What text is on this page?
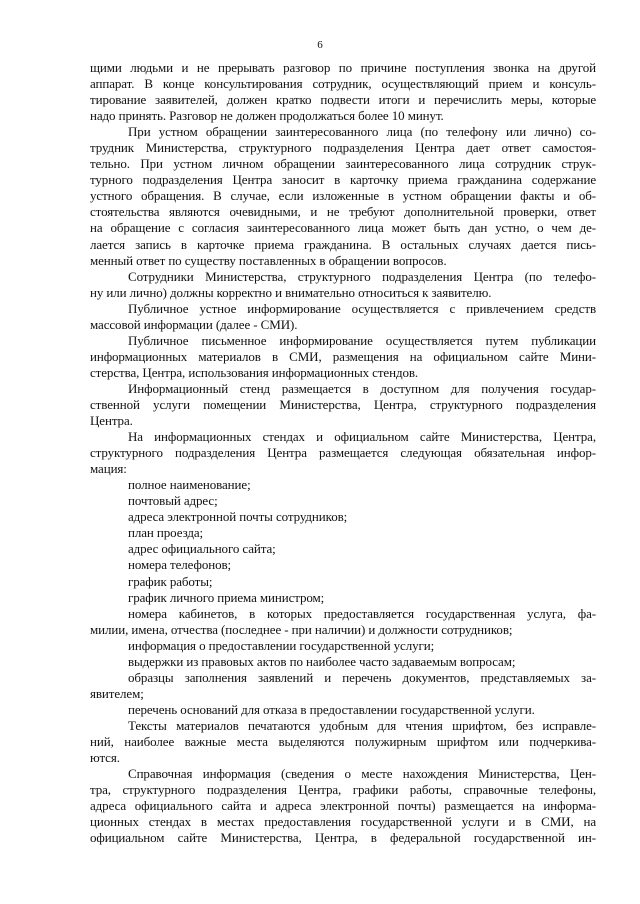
6

щими людьми и не прерывать разговор по причине поступления звонка на другой

аппарат. В конце консультирования сотрудник, осуществляющий прием и консуль-

тирование заявителей, должен кратко подвести итоги и перечислить меры, которые

надо принять. Разговор не должен продолжаться более 10 минут.

При устном обращении заинтересованного лица (по телефону или лично) со-

трудник Министерства, структурного подразделения Центра дает ответ самостоя-

тельно. При устном личном обращении заинтересованного лица сотрудник струк-

турного подразделения Центра заносит в карточку приема гражданина содержание

устного обращения. В случае, если изложенные в устном обращении факты и об-

стоятельства являются очевидными, и не требуют дополнительной проверки, ответ

на обращение с согласия заинтересованного лица может быть дан устно, о чем де-

лается запись в карточке приема гражданина. В остальных случаях дается пись-

менный ответ по существу поставленных в обращении вопросов.

Сотрудники Министерства, структурного подразделения Центра (по телефо-

ну или лично) должны корректно и внимательно относиться к заявителю.

Публичное устное информирование осуществляется с привлечением средств

массовой информации (далее - СМИ).

Публичное письменное информирование осуществляется путем публикации

информационных материалов в СМИ, размещения на официальном сайте Мини-

стерства, Центра, использования информационных стендов.

Информационный стенд размещается в доступном для получения государ-

ственной услуги помещении Министерства, Центра, структурного подразделения

Центра.

На информационных стендах и официальном сайте Министерства, Центра,

структурного подразделения Центра размещается следующая обязательная инфор-

мация:

полное наименование;

почтовый адрес;

адреса электронной почты сотрудников;

план проезда;

адрес официального сайта;

номера телефонов;

график работы;

график личного приема министром;

номера кабинетов, в которых предоставляется государственная услуга, фа-

милии, имена, отчества (последнее - при наличии) и должности сотрудников;

информация о предоставлении государственной услуги;

выдержки из правовых актов по наиболее часто задаваемым вопросам;

образцы заполнения заявлений и перечень документов, представляемых за-

явителем;

перечень оснований для отказа в предоставлении государственной услуги.

Тексты материалов печатаются удобным для чтения шрифтом, без исправле-

ний, наиболее важные места выделяются полужирным шрифтом или подчеркива-

ются.

Справочная информация (сведения о месте нахождения Министерства, Цен-

тра, структурного подразделения Центра, графики работы, справочные телефоны,

адреса официального сайта и адреса электронной почты) размещается на информа-

ционных стендах в местах предоставления государственной услуги и в СМИ, на

официальном сайте Министерства, Центра, в федеральной государственной ин-
